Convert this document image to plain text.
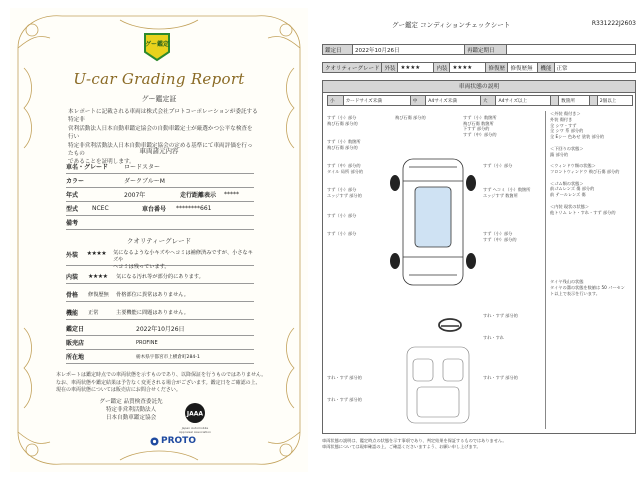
グー鑑定
U-car Grading Report
グー鑑定証
本レポートに記載される車両は株式会社プロトコーポレーションが委託する特定非
営利活動法人日本自動車鑑定協会の自動車鑑定士が厳選かつ公平な検査を行い
特定非営利活動法人日本自動車鑑定協会の定める基準にて車両評価を行ったもの
であることを証明します。
車両諸元内容
車名・グレード	ロードスター
カラー	ダークブルーM
年式	2007年	走行距離表示	*****
型式	NCEC	車台番号	********661
備考
クオリティーグレード
外装	★★★★	気になるような小キズやヘコミは補修済みですが、小さなキズや
ヘコミは残っています。
内装	★★★★	気になる汚れ等が部分的にあります。
骨格	修復歴無	骨格部位に異常はありません。
機能	正常	主要機能に問題はありません。
鑑定日	2022年10月26日
販売店	PROFINE
所在地	栃木県宇都宮市上横倉町284-1
本レポートは鑑定時点での車両状態を示すものであり、以降保証を行うものではありません。
なお、車両状態や鑑定結果は予告なく変更される場合がございます。鑑定日をご確認の上、
現在の車両状態については販売店にお問合せください。
グー鑑定 品質検査委託先
特定非営利活動法人
日本自動車鑑定協会
JAAA
Japan Automobile Appraisal Association
PROTO
グー鑑定 コンディションチェックシート	R331222J2603
鑑定日	2022年10月26日	再鑑定期日	
クオリティーグレード	外装	★★★★	内装	★★★★	修復歴	修復歴無	機能	正常
車両状態の説明
小	カードサイズ未満	中	A4サイズ未満	大	A4サイズ以上		数箇所		2個以上
すず（小）部分
飛び石傷 部分的
飛び石傷 部分的	すず（小）数箇所
飛び石傷 数箇所
下すず 部分的
すず（中）部分的
すず（小）数箇所
飛び石傷 部分的
すず（中）部分的
タイル 局所 部分的
すず（小）部分
すず（小）部分
エッジすず 部分的
すず ヘコミ（小）数箇所
エッジすず 数箇所
すず（小）部分
すず（小）部分	すず（小）部分
すず（中）部分的
すれ・すず 部分的
すれ・すれ
すれ・すず 部分的	すれ・すず 部分的
すれ・すず 部分的
＜外装 傷付き＞
外装 傷付き
全 シワ・すず
全 シワ 系 部分的
全 Eシー 色あせ 塗装 部分的

＜下回りの状態＞
錆 部分的

＜ウィンドウ類の状態＞
フロントウィンドウ 飛び石傷 部分的

＜ゴム類の状態＞
前ゴムレンズ 傷 部分的
前 テールレンズ 傷

＜内装 現状の状態＞
他トリム レト・すれ・すず 部分的

タイヤ残山の状態
タイヤの溝の状態を数値は 50 パーセン
ト以上で表示を行います。
車両状態の説明は、鑑定時点の状態を示す事項であり、判定結果を保証するものではありません。
車両状態については現車確認の上、ご確認くださいますよう、お願い申し上げます。
